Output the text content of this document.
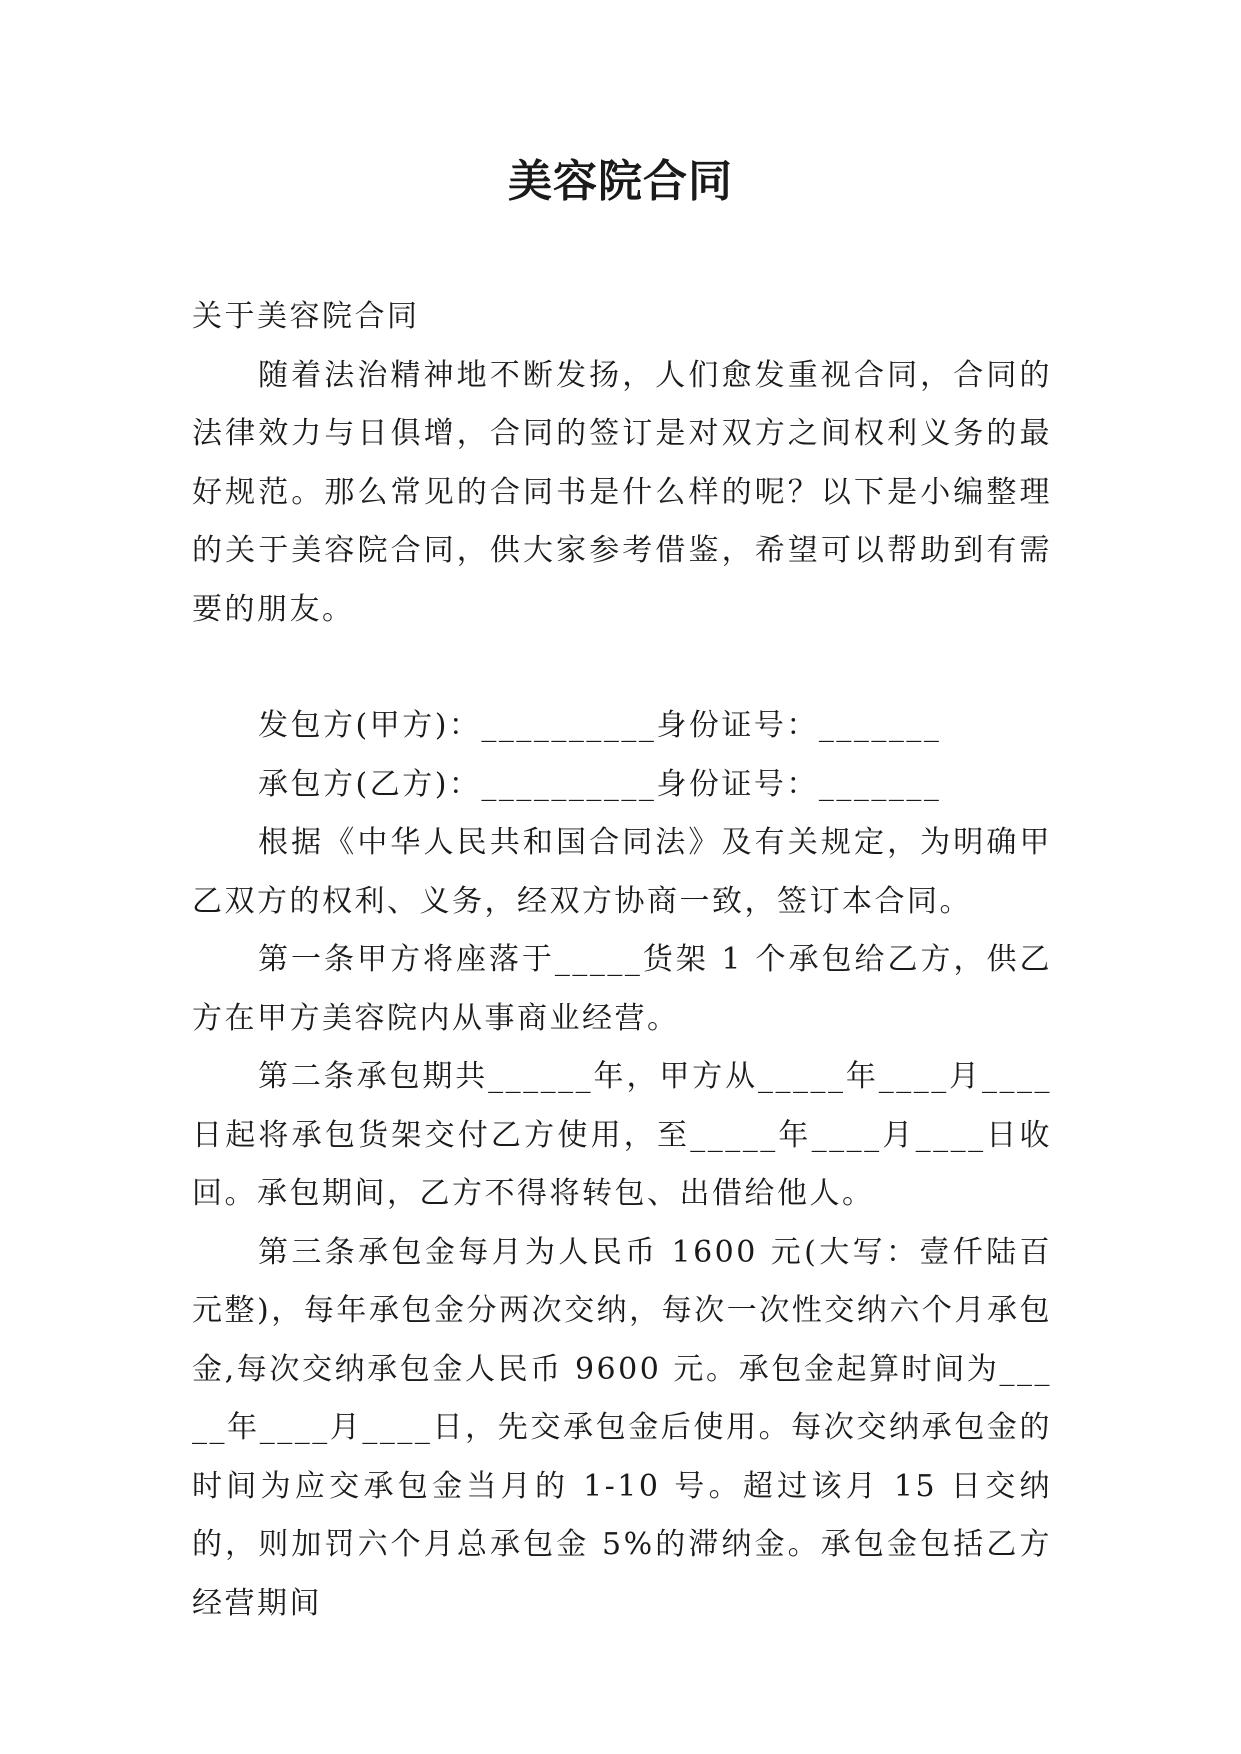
美容院合同

关于美容院合同

随着法治精神地不断发扬，人们愈发重视合同，合同的法律效力与日俱增，合同的签订是对双方之间权利义务的最好规范。那么常见的合同书是什么样的呢？以下是小编整理的关于美容院合同，供大家参考借鉴，希望可以帮助到有需要的朋友。

发包方(甲方)：__________身份证号：_______

承包方(乙方)：__________身份证号：_______

根据《中华人民共和国合同法》及有关规定，为明确甲乙双方的权利、义务，经双方协商一致，签订本合同。

第一条甲方将座落于_____货架 1 个承包给乙方，供乙方在甲方美容院内从事商业经营。

第二条承包期共______年，甲方从_____年____月____日起将承包货架交付乙方使用，至_____年____月____日收回。承包期间，乙方不得将转包、出借给他人。

第三条承包金每月为人民币 1600 元(大写：壹仟陆百元整)，每年承包金分两次交纳，每次一次性交纳六个月承包金,每次交纳承包金人民币 9600 元。承包金起算时间为_____年____月____日，先交承包金后使用。每次交纳承包金的时间为应交承包金当月的 1-10 号。超过该月 15 日交纳的，则加罚六个月总承包金 5%的滞纳金。承包金包括乙方经营期间
